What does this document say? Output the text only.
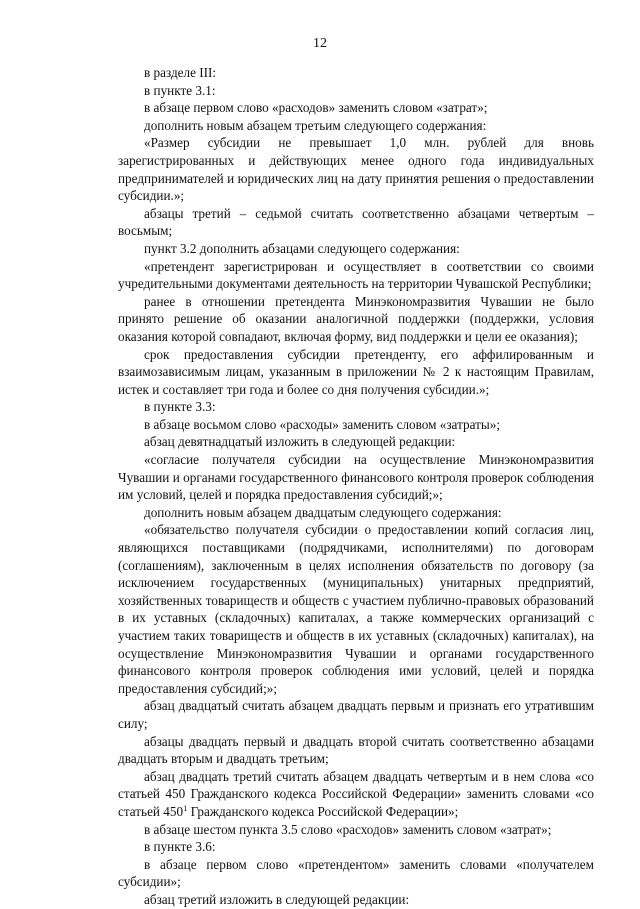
12

в разделе III:

в пункте 3.1:

в абзаце первом слово «расходов» заменить словом «затрат»;

дополнить новым абзацем третьим следующего содержания:

«Размер субсидии не превышает 1,0 млн. рублей для вновь зарегистрированных и действующих менее одного года индивидуальных предпринимателей и юридических лиц на дату принятия решения о предоставлении субсидии.»;

абзацы третий – седьмой считать соответственно абзацами четвертым – восьмым;

пункт 3.2 дополнить абзацами следующего содержания:

«претендент зарегистрирован и осуществляет в соответствии со своими учредительными документами деятельность на территории Чувашской Республики;

ранее в отношении претендента Минэкономразвития Чувашии не было принято решение об оказании аналогичной поддержки (поддержки, условия оказания которой совпадают, включая форму, вид поддержки и цели ее оказания);

срок предоставления субсидии претенденту, его аффилированным и взаимозависимым лицам, указанным в приложении № 2 к настоящим Правилам, истек и составляет три года и более со дня получения субсидии.»;

в пункте 3.3:

в абзаце восьмом слово «расходы» заменить словом «затраты»;

абзац девятнадцатый изложить в следующей редакции:

«согласие получателя субсидии на осуществление Минэкономразвития Чувашии и органами государственного финансового контроля проверок соблюдения им условий, целей и порядка предоставления субсидий;»;

дополнить новым абзацем двадцатым следующего содержания:

«обязательство получателя субсидии о предоставлении копий согласия лиц, являющихся поставщиками (подрядчиками, исполнителями) по договорам (соглашениям), заключенным в целях исполнения обязательств по договору (за исключением государственных (муниципальных) унитарных предприятий, хозяйственных товариществ и обществ с участием публично-правовых образований в их уставных (складочных) капиталах, а также коммерческих организаций с участием таких товариществ и обществ в их уставных (складочных) капиталах), на осуществление Минэкономразвития Чувашии и органами государственного финансового контроля проверок соблюдения ими условий, целей и порядка предоставления субсидий;»;

абзац двадцатый считать абзацем двадцать первым и признать его утратившим силу;

абзацы двадцать первый и двадцать второй считать соответственно абзацами двадцать вторым и двадцать третьим;

абзац двадцать третий считать абзацем двадцать четвертым и в нем слова «со статьей 450 Гражданского кодекса Российской Федерации» заменить словами «со статьей $450^1$ Гражданского кодекса Российской Федерации»;

в абзаце шестом пункта 3.5 слово «расходов» заменить словом «затрат»;

в пункте 3.6:

в абзаце первом слово «претендентом» заменить словами «получателем субсидии»;

абзац третий изложить в следующей редакции:
